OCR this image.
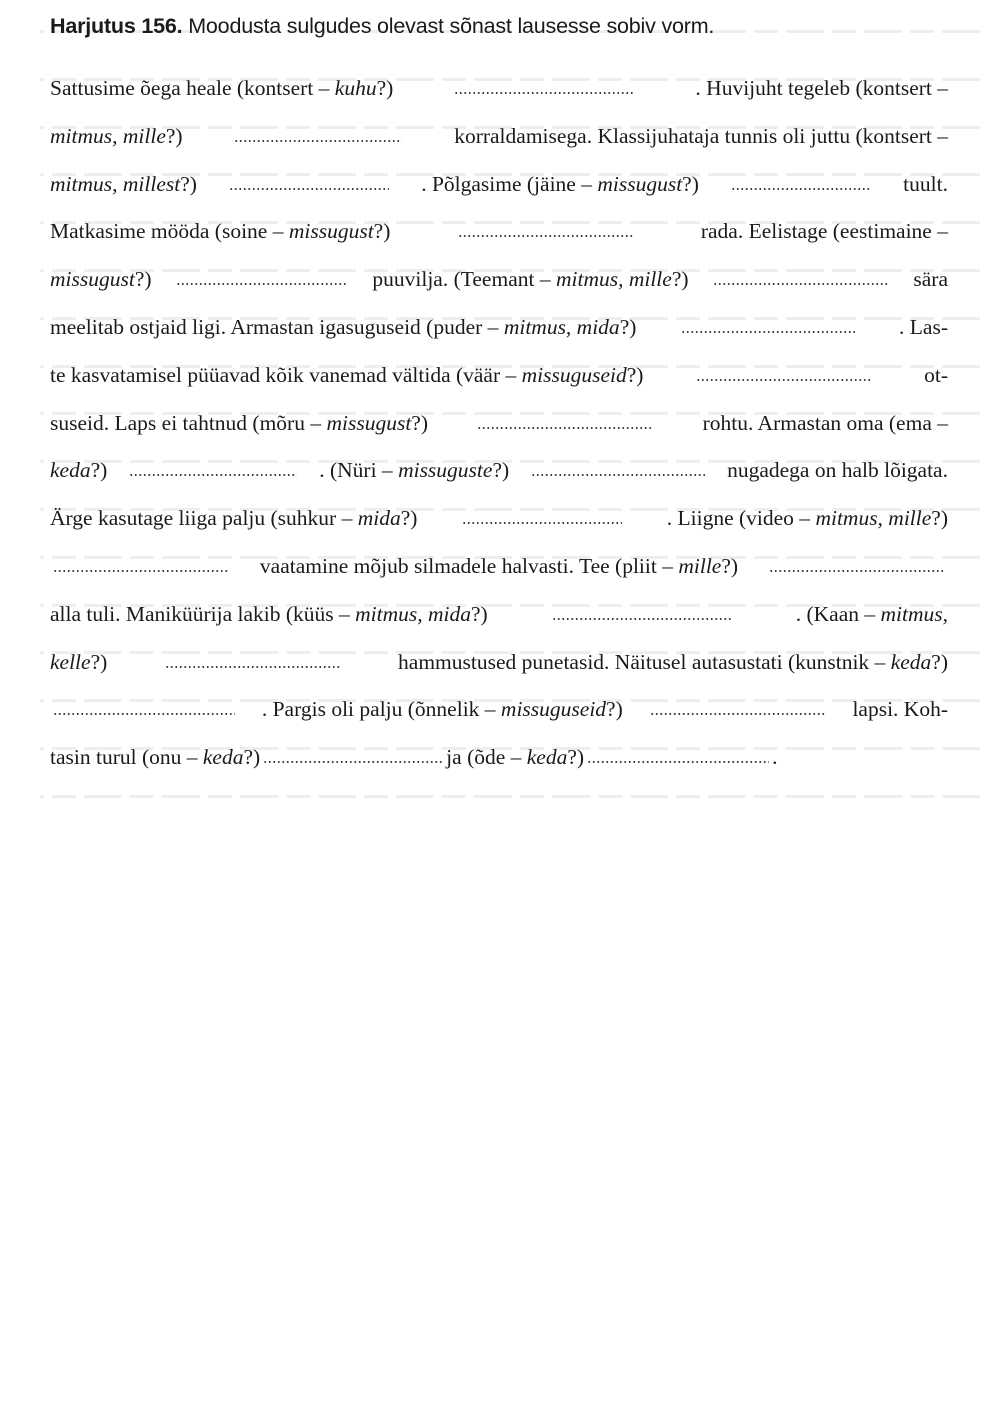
Harjutus 156. Moodusta sulgudes olevast sõnast lausesse sobiv vorm.
Sattusime õega heale (kontsert – kuhu?)	. Huvijuht tegeleb (kontsert –
mitmus, mille?)	korraldamisega. Klassijuhataja tunnis oli juttu (kontsert –
mitmus, millest?)	. Põlgasime (jäine – missugust?)	tuult.
Matkasime mööda (soine – missugust?)	rada. Eelistage (eestimaine –
missugust?)	puuvilja. (Teemant – mitmus, mille?)	sära
meelitab ostjaid ligi. Armastan igasuguseid (puder – mitmus, mida?)	. Las-
te kasvatamisel püüavad kõik vanemad vältida (väär – missuguseid?)	ot-
suseid. Laps ei tahtnud (mõru – missugust?)	rohtu. Armastan oma (ema –
keda?)	. (Nüri – missuguste?)	nugadega on halb lõigata.
Ärge kasutage liiga palju (suhkur – mida?)	. Liigne (video – mitmus, mille?)
vaatamine mõjub silmadele halvasti. Tee (pliit – mille?)
alla tuli. Maniküürija lakib (küüs – mitmus, mida?)	. (Kaan – mitmus,
kelle?)	hammustused punetasid. Näitusel autasustati (kunstnik – keda?)
. Pargis oli palju (õnnelik – missuguseid?)	lapsi. Koh-
tasin turul (onu – keda?)	ja (õde – keda?)	.
